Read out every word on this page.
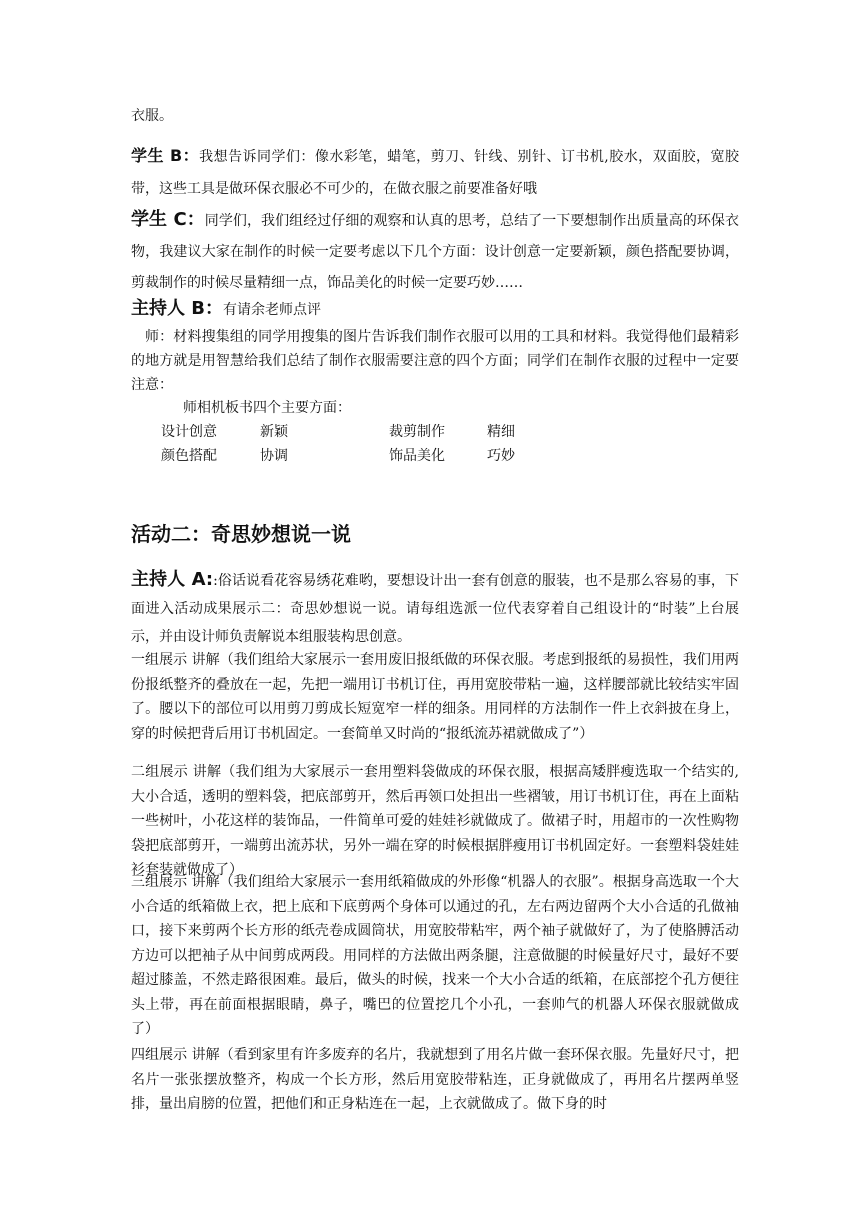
衣服。
学生 B：我想告诉同学们：像水彩笔，蜡笔，剪刀、针线、别针、订书机,胶水，双面胶，宽胶带，这些工具是做环保衣服必不可少的，在做衣服之前要准备好哦
学生 C：同学们，我们组经过仔细的观察和认真的思考，总结了一下要想制作出质量高的环保衣物，我建议大家在制作的时候一定要考虑以下几个方面：设计创意一定要新颖，颜色搭配要协调，剪裁制作的时候尽量精细一点，饰品美化的时候一定要巧妙……
主持人 B：有请余老师点评
师：材料搜集组的同学用搜集的图片告诉我们制作衣服可以用的工具和材料。我觉得他们最精彩的地方就是用智慧给我们总结了制作衣服需要注意的四个方面；同学们在制作衣服的过程中一定要注意：
师相机板书四个主要方面：
设计创意	新颖	裁剪制作	精细
颜色搭配	协调	饰品美化	巧妙
活动二：奇思妙想说一说
主持人 A::俗话说看花容易绣花难哟，要想设计出一套有创意的服装，也不是那么容易的事，下面进入活动成果展示二：奇思妙想说一说。请每组选派一位代表穿着自己组设计的“时装”上台展示，并由设计师负责解说本组服装构思创意。
一组展示 讲解（我们组给大家展示一套用废旧报纸做的环保衣服。考虑到报纸的易损性，我们用两份报纸整齐的叠放在一起，先把一端用订书机订住，再用宽胶带粘一遍，这样腰部就比较结实牢固了。腰以下的部位可以用剪刀剪成长短宽窄一样的细条。用同样的方法制作一件上衣斜披在身上，穿的时候把背后用订书机固定。一套简单又时尚的“报纸流苏裙就做成了”）
二组展示 讲解（我们组为大家展示一套用塑料袋做成的环保衣服，根据高矮胖瘦选取一个结实的,大小合适，透明的塑料袋，把底部剪开，然后再领口处担出一些褶皱，用订书机订住，再在上面粘一些树叶，小花这样的装饰品，一件简单可爱的娃娃衫就做成了。做裙子时，用超市的一次性购物袋把底部剪开，一端剪出流苏状，另外一端在穿的时候根据胖瘦用订书机固定好。一套塑料袋娃娃衫套装就做成了）
三组展示 讲解（我们组给大家展示一套用纸箱做成的外形像“机器人的衣服”。根据身高选取一个大小合适的纸箱做上衣，把上底和下底剪两个身体可以通过的孔，左右两边留两个大小合适的孔做袖口，接下来剪两个长方形的纸壳卷成圆筒状，用宽胶带粘牢，两个袖子就做好了，为了使胳膊活动方边可以把袖子从中间剪成两段。用同样的方法做出两条腿，注意做腿的时候量好尺寸，最好不要超过膝盖，不然走路很困难。最后，做头的时候，找来一个大小合适的纸箱，在底部挖个孔方便往头上带，再在前面根据眼睛，鼻子，嘴巴的位置挖几个小孔，一套帅气的机器人环保衣服就做成了）
四组展示 讲解（看到家里有许多废弃的名片，我就想到了用名片做一套环保衣服。先量好尺寸，把名片一张张摆放整齐，构成一个长方形，然后用宽胶带粘连，正身就做成了，再用名片摆两单竖排，量出肩膀的位置，把他们和正身粘连在一起，上衣就做成了。做下身的时
